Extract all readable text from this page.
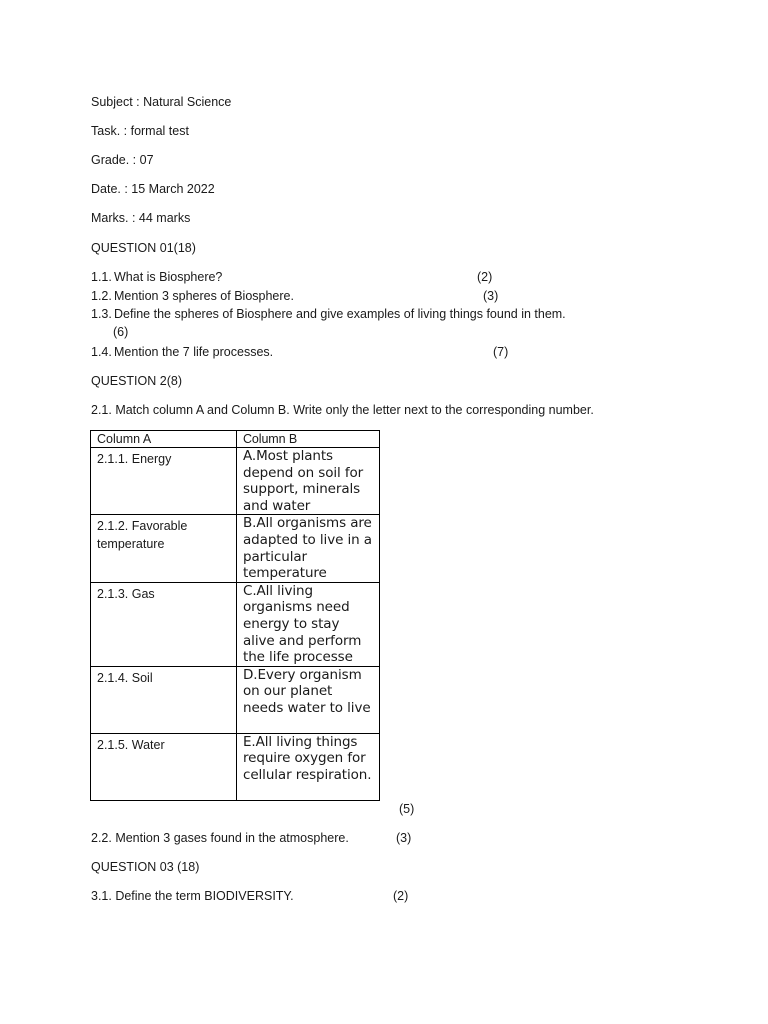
Subject : Natural Science
Task. : formal test
Grade. : 07
Date. : 15 March 2022
Marks. : 44 marks
QUESTION 01(18)
1.1. What is Biosphere?	(2)
1.2. Mention 3 spheres of Biosphere.	(3)
1.3. Define the spheres of Biosphere and give examples of living things found in them.
(6)
1.4. Mention the 7 life processes.	(7)
QUESTION 2(8)
2.1. Match column A and Column B. Write only the letter next to the corresponding number.
Column A	Column B
2.1.1. Energy	A.Most plants depend on soil for support, minerals and water
2.1.2. Favorable temperature	B.All organisms are adapted to live in a particular temperature
2.1.3. Gas	C.All living organisms need energy to stay alive and perform the life processe
2.1.4. Soil	D.Every organism on our planet needs water to live
2.1.5. Water	E.All living things require oxygen for cellular respiration.
(5)
2.2. Mention 3 gases found in the atmosphere.	(3)
QUESTION 03 (18)
3.1. Define the term BIODIVERSITY.	(2)
